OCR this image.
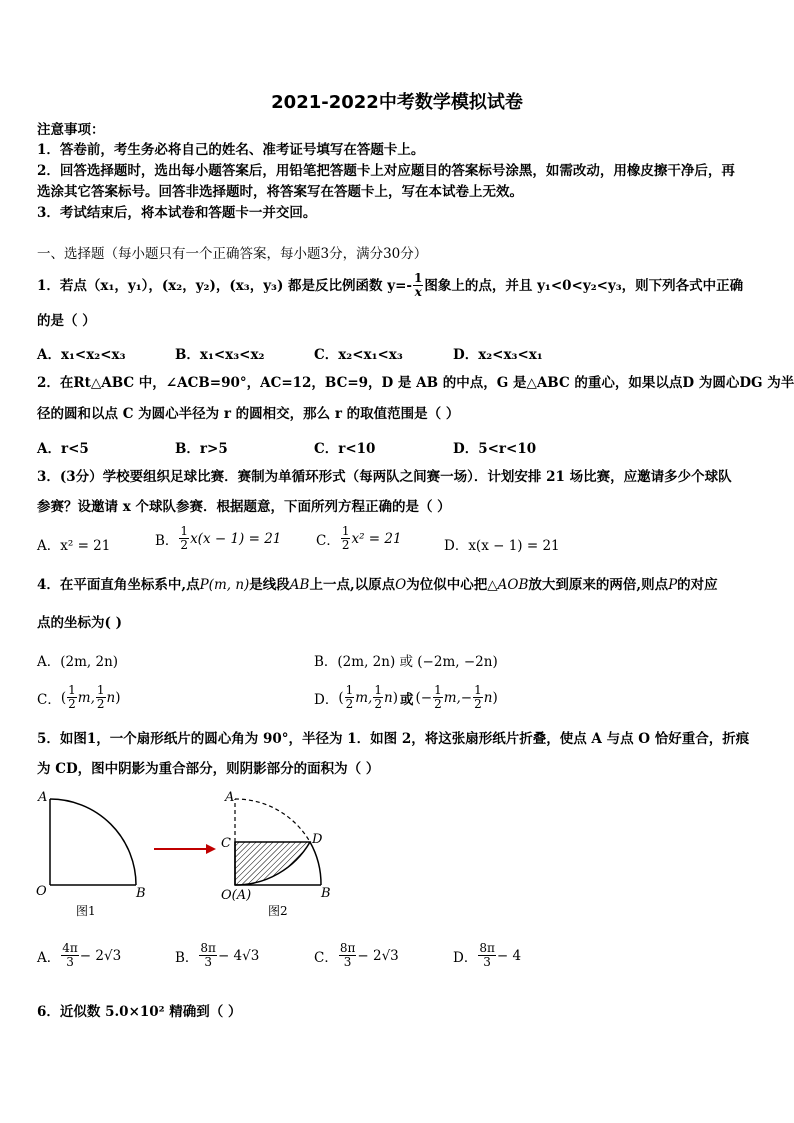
2021-2022中考数学模拟试卷
注意事项：
1．答卷前，考生务必将自己的姓名、准考证号填写在答题卡上。
2．回答选择题时，选出每小题答案后，用铅笔把答题卡上对应题目的答案标号涂黑，如需改动，用橡皮擦干净后，再
选涂其它答案标号。回答非选择题时，将答案写在答题卡上，写在本试卷上无效。
3．考试结束后，将本试卷和答题卡一并交回。
一、选择题（每小题只有一个正确答案，每小题3分，满分30分）
1．若点（x₁，y₁），(x₂，y₂)，(x₃，y₃) 都是反比例函数 $y=- \frac{1}{x}$ 图象上的点，并且 y₁<0<y₂<y₃，则下列各式中正确
的是（ ）
A．x₁<x₂<x₃	B．x₁<x₃<x₂	C．x₂<x₁<x₃	D．x₂<x₃<x₁
2．在Rt△ABC 中，∠ACB=90°，AC=12，BC=9，D 是 AB 的中点，G 是△ABC 的重心，如果以点D 为圆心DG 为半
径的圆和以点 C 为圆心半径为 r 的圆相交，那么 r 的取值范围是（ ）
A．r<5	B．r>5	C．r<10	D．5<r<10
3．(3分）学校要组织足球比赛．赛制为单循环形式（每两队之间赛一场）．计划安排 21 场比赛，应邀请多少个球队
参赛？设邀请 x 个球队参赛．根据题意，下面所列方程正确的是（ ）
A．x² = 21	B． $\frac{1}{2} x(x - 1) = 21$	C． $\frac{1}{2} x^2 = 21$	D．x(x − 1) = 21
4．在平面直角坐标系中,点P(m, n)是线段AB上一点,以原点O为位似中心把△AOB放大到原来的两倍,则点P的对应
点的坐标为( )
A．(2m, 2n)	B．(2m, 2n) 或 (−2m, −2n)
C． ( $\frac{1}{2} m$, $\frac{1}{2}$ n )	D． ( $\frac{1}{2} m$, $\frac{1}{2}$ n ) 或 (− $\frac{1}{2} m$, − $\frac{1}{2}$ n )
5．如图1，一个扇形纸片的圆心角为 90°，半径为 1．如图 2，将这张扇形纸片折叠，使点 A 与点 O 恰好重合，折痕
为 CD，图中阴影为重合部分，则阴影部分的面积为（ ）
A
O	B
图1
A
C	D
O(A)	B
图2
A． $\frac{4\pi}{3} - 2√3$	B． $\frac{8\pi}{3} - 4√3$	C． $\frac{8\pi}{3} - 2√3$	D． $\frac{8\pi}{3} - 4$
6．近似数 5.0×10² 精确到（ ）
